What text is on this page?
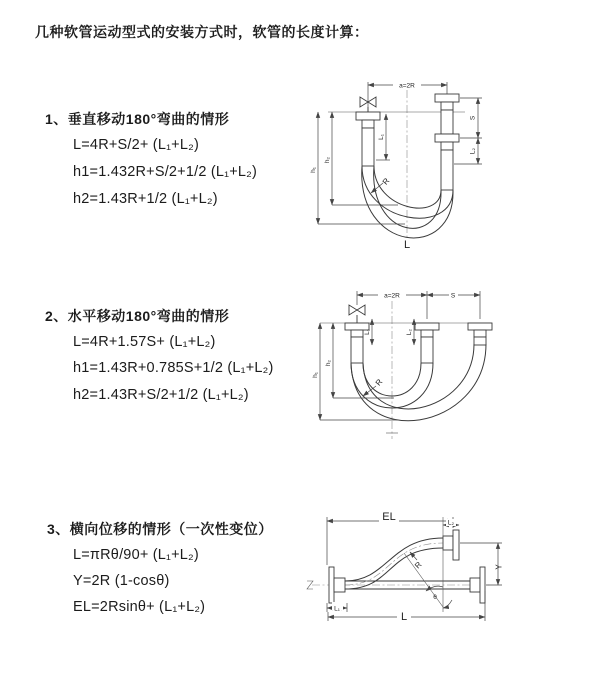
几种软管运动型式的安装方式时，软管的长度计算：
1、垂直移动180°弯曲的情形
L=4R+S/2+ (L₁+L₂)
h1=1.432R+S/2+1/2 (L₁+L₂)
h2=1.43R+1/2 (L₁+L₂)
2、水平移动180°弯曲的情形
L=4R+1.57S+ (L₁+L₂)
h1=1.43R+0.785S+1/2 (L₁+L₂)
h2=1.43R+S/2+1/2 (L₁+L₂)
3、横向位移的情形（一次性变位）
L=πRθ/90+ (L₁+L₂)
Y=2R (1-cosθ)
EL=2Rsinθ+ (L₁+L₂)
a=2R
L₁
S
L₂
h₁
h₂
R
L
a=2R	S
L₁	L₂
h₁
h₂
R
EL	L₂
Y
R
θ
L₁
L
